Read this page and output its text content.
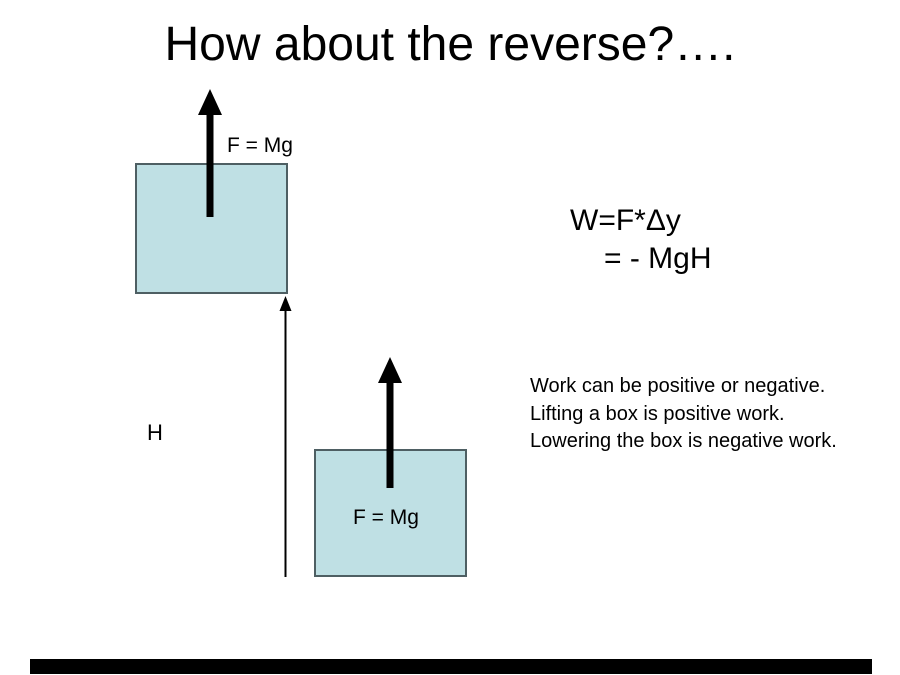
How about the reverse?….
F = Mg
F = Mg
H
W=F*Δy
= - MgH
Work can be positive or negative.
Lifting a box is positive work.
Lowering the box is negative work.
